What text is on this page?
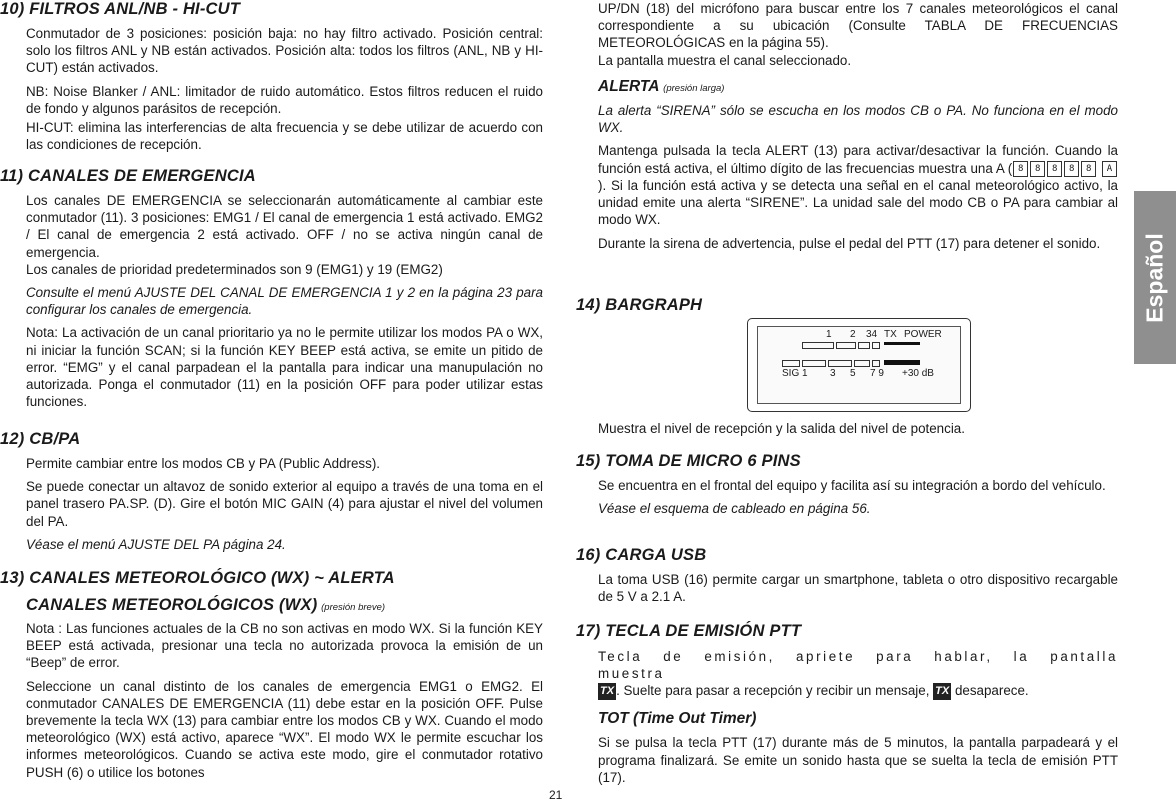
10) FILTROS ANL/NB - HI-CUT

Conmutador de 3 posiciones: posición baja: no hay filtro activado. Posición central: solo los filtros ANL y NB están activados. Posición alta: todos los filtros (ANL, NB y HI-CUT) están activados.

NB: Noise Blanker / ANL: limitador de ruido automático. Estos filtros reducen el ruido de fondo y algunos parásitos de recepción.

HI-CUT: elimina las interferencias de alta frecuencia y se debe utilizar de acuerdo con las condiciones de recepción.

11) CANALES DE EMERGENCIA

Los canales DE EMERGENCIA se seleccionarán automáticamente al cambiar este conmutador (11). 3 posiciones: EMG1 / El canal de emergencia 1 está activado. EMG2 / El canal de emergencia 2 está activado. OFF / no se activa ningún canal de emergencia.

Los canales de prioridad predeterminados son 9 (EMG1) y 19 (EMG2)

Consulte el menú AJUSTE DEL CANAL DE EMERGENCIA 1 y 2 en la página 23 para configurar los canales de emergencia.

Nota: La activación de un canal prioritario ya no le permite utilizar los modos PA o WX, ni iniciar la función SCAN; si la función KEY BEEP está activa, se emite un pitido de error. “EMG” y el canal parpadean el la pantalla para indicar una manupulación no autorizada. Ponga el conmutador (11) en la posición OFF para poder utilizar estas funciones.

12) CB/PA

Permite cambiar entre los modos CB y PA (Public Address).

Se puede conectar un altavoz de sonido exterior al equipo a través de una toma en el panel trasero PA.SP. (D). Gire el botón MIC GAIN (4) para ajustar el nivel del volumen del PA.

Véase el menú AJUSTE DEL PA página 24.

13) CANALES METEOROLÓGICO (WX) ~ ALERTA
CANALES METEOROLÓGICOS (WX) (presión breve)

Nota : Las funciones actuales de la CB no son activas en modo WX. Si la función KEY BEEP está activada, presionar una tecla no autorizada provoca la emisión de un “Beep” de error.

Seleccione un canal distinto de los canales de emergencia EMG1 o EMG2. El conmutador CANALES DE EMERGENCIA (11) debe estar en la posición OFF. Pulse brevemente la tecla WX (13) para cambiar entre los modos CB y WX. Cuando el modo meteorológico (WX) está activo, aparece “WX”. El modo WX le permite escuchar los informes meteorológicos. Cuando se activa este modo, gire el conmutador rotativo PUSH (6) o utilice los botones

UP/DN (18) del micrófono para buscar entre los 7 canales meteorológicos el canal correspondiente a su ubicación (Consulte TABLA DE FRECUENCIAS METEOROLÓGICAS en la página 55).

La pantalla muestra el canal seleccionado.

ALERTA (presión larga)

La alerta “SIRENA” sólo se escucha en los modos CB o PA. No funciona en el modo WX.

Mantenga pulsada la tecla ALERT (13) para activar/desactivar la función. Cuando la función está activa, el último dígito de las frecuencias muestra una A ( 8 8 8 8 8 A). Si la función está activa y se detecta una señal en el canal meteorológico activo, la unidad emite una alerta “SIRENE”. La unidad sale del modo CB o PA para cambiar al modo WX.

Durante la sirena de advertencia, pulse el pedal del PTT (17) para detener el sonido.

14) BARGRAPH
1 2 34 TX POWER
SIG 1 3 5 7 9 +30 dB

Muestra el nivel de recepción y la salida del nivel de potencia.

15) TOMA DE MICRO 6 PINS

Se encuentra en el frontal del equipo y facilita así su integración a bordo del vehículo.

Véase el esquema de cableado en página 56.

16) CARGA USB

La toma USB (16) permite cargar un smartphone, tableta o otro dispositivo recargable de 5 V a 2.1 A.

17) TECLA DE EMISIÓN PTT

Tecla de emisión, apriete para hablar, la pantalla muestra

TX . Suelte para pasar a recepción y recibir un mensaje, TX desaparece.

TOT (Time Out Timer)

Si se pulsa la tecla PTT (17) durante más de 5 minutos, la pantalla parpadeará y el programa finalizará. Se emite un sonido hasta que se suelta la tecla de emisión PTT (17).

Español
21
